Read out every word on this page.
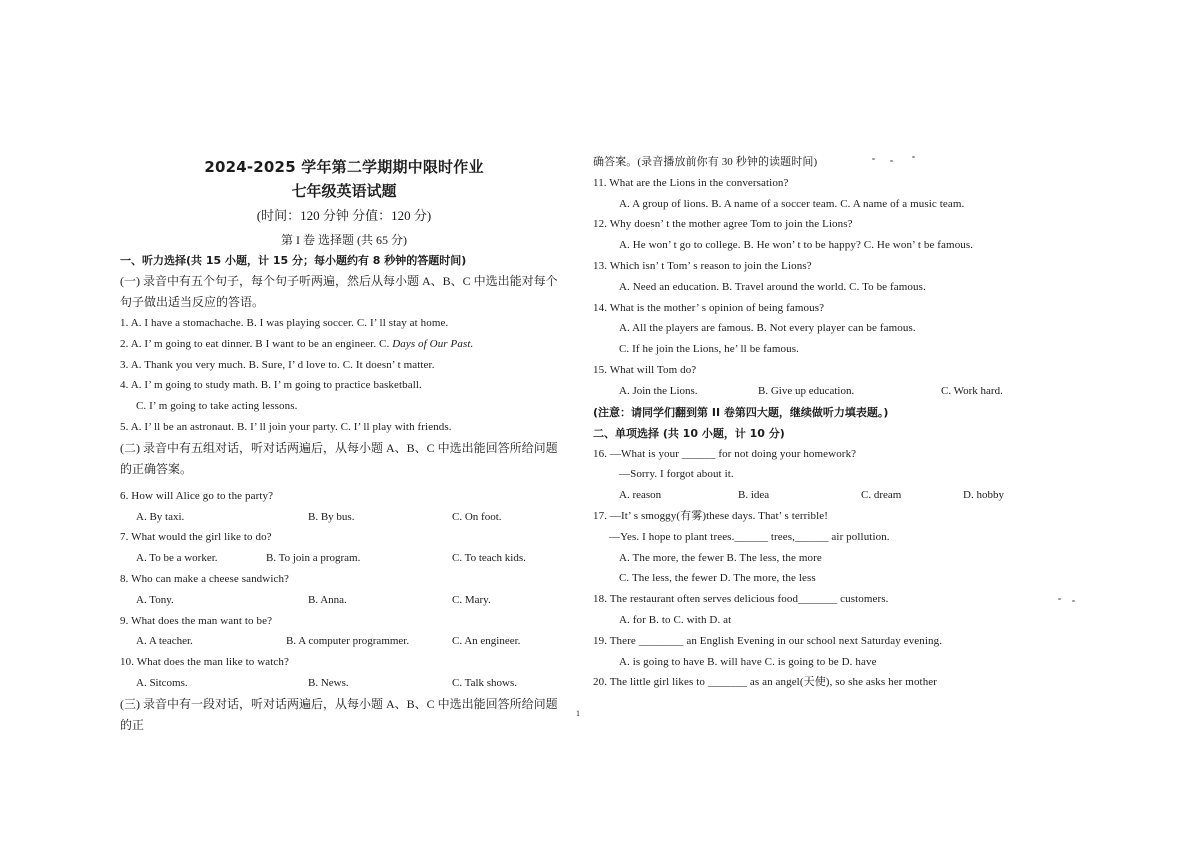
2024-2025 学年第二学期期中限时作业
七年级英语试题
(时间：120 分钟 分值：120 分)
第 I 卷 选择题 (共 65 分)
一、听力选择(共 15 小题，计 15 分；每小题约有 8 秒钟的答题时间)
(一) 录音中有五个句子，每个句子听两遍，然后从每小题 A、B、C 中选出能对每个句子做出适当反应的答语。
1. A. I have a stomachache. B. I was playing soccer. C. I’ ll stay at home.
2. A. I’ m going to eat dinner. B I want to be an engineer. C. Days of Our Past.
3. A. Thank you very much. B. Sure, I’ d love to. C. It doesn’ t matter.
4. A. I’ m going to study math. B. I’ m going to practice basketball.
C. I’ m going to take acting lessons.
5. A. I’ ll be an astronaut. B. I’ ll join your party. C. I’ ll play with friends.
(二) 录音中有五组对话，听对话两遍后，从每小题 A、B、C 中选出能回答所给问题的正确答案。
6. How will Alice go to the party?
A. By taxi.	B. By bus.	C. On foot.
7. What would the girl like to do?
A. To be a worker.	B. To join a program.	C. To teach kids.
8. Who can make a cheese sandwich?
A. Tony.	B. Anna.	C. Mary.
9. What does the man want to be?
A. A teacher.	B. A computer programmer.	C. An engineer.
10. What does the man like to watch?
A. Sitcoms.	B. News.	C. Talk shows.
(三) 录音中有一段对话，听对话两遍后，从每小题 A、B、C 中选出能回答所给问题的正
确答案。(录音播放前你有 30 秒钟的读题时间)
11. What are the Lions in the conversation?
A. A group of lions. B. A name of a soccer team. C. A name of a music team.
12. Why doesn’ t the mother agree Tom to join the Lions?
A. He won’ t go to college. B. He won’ t to be happy? C. He won’ t be famous.
13. Which isn’ t Tom’ s reason to join the Lions?
A. Need an education. B. Travel around the world. C. To be famous.
14. What is the mother’ s opinion of being famous?
A. All the players are famous. B. Not every player can be famous.
C. If he join the Lions, he’ ll be famous.
15. What will Tom do?
A. Join the Lions.	B. Give up education.	C. Work hard.
(注意：请同学们翻到第 II 卷第四大题，继续做听力填表题。)
二、单项选择 (共 10 小题，计 10 分)
16. —What is your ______ for not doing your homework?
—Sorry. I forgot about it.
A. reason	B. idea	C. dream	D. hobby
17. —It’ s smoggy(有雾)these days. That’ s terrible!
—Yes. I hope to plant trees.______ trees,______ air pollution.
A. The more, the fewer B. The less, the more
C. The less, the fewer D. The more, the less
18. The restaurant often serves delicious food_______ customers.
A. for B. to C. with D. at
19. There ________ an English Evening in our school next Saturday evening.
A. is going to have B. will have C. is going to be D. have
20. The little girl likes to _______ as an angel(天使), so she asks her mother
1
